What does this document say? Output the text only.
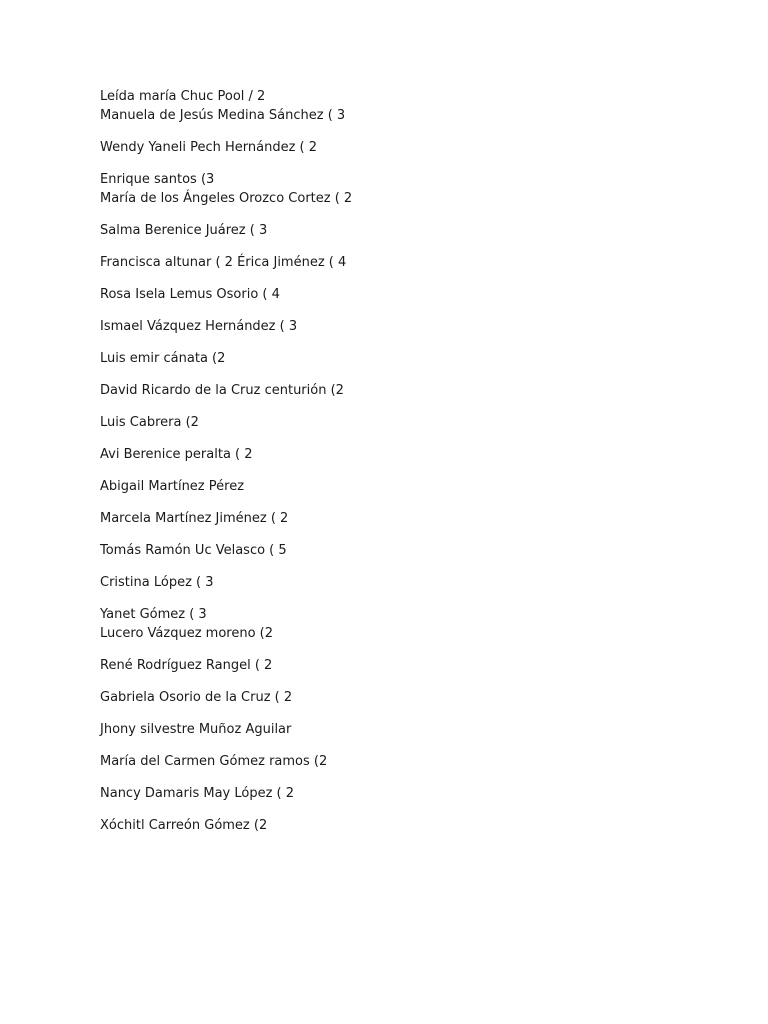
Leída maría Chuc Pool / 2
Manuela de Jesús Medina Sánchez ( 3
Wendy Yaneli Pech Hernández ( 2
Enrique santos (3
María de los Ángeles Orozco Cortez ( 2
Salma Berenice Juárez ( 3
Francisca altunar ( 2 Érica Jiménez ( 4
Rosa Isela Lemus Osorio ( 4
Ismael Vázquez Hernández ( 3
Luis emir cánata (2
David Ricardo de la Cruz centurión (2
Luis Cabrera (2
Avi Berenice peralta ( 2
Abigail Martínez Pérez
Marcela Martínez Jiménez ( 2
Tomás Ramón Uc Velasco ( 5
Cristina López ( 3
Yanet Gómez ( 3
Lucero Vázquez moreno (2
René Rodríguez Rangel ( 2
Gabriela Osorio de la Cruz ( 2
Jhony silvestre Muñoz Aguilar
María del Carmen Gómez ramos (2
Nancy Damaris May López ( 2
Xóchitl Carreón Gómez (2
